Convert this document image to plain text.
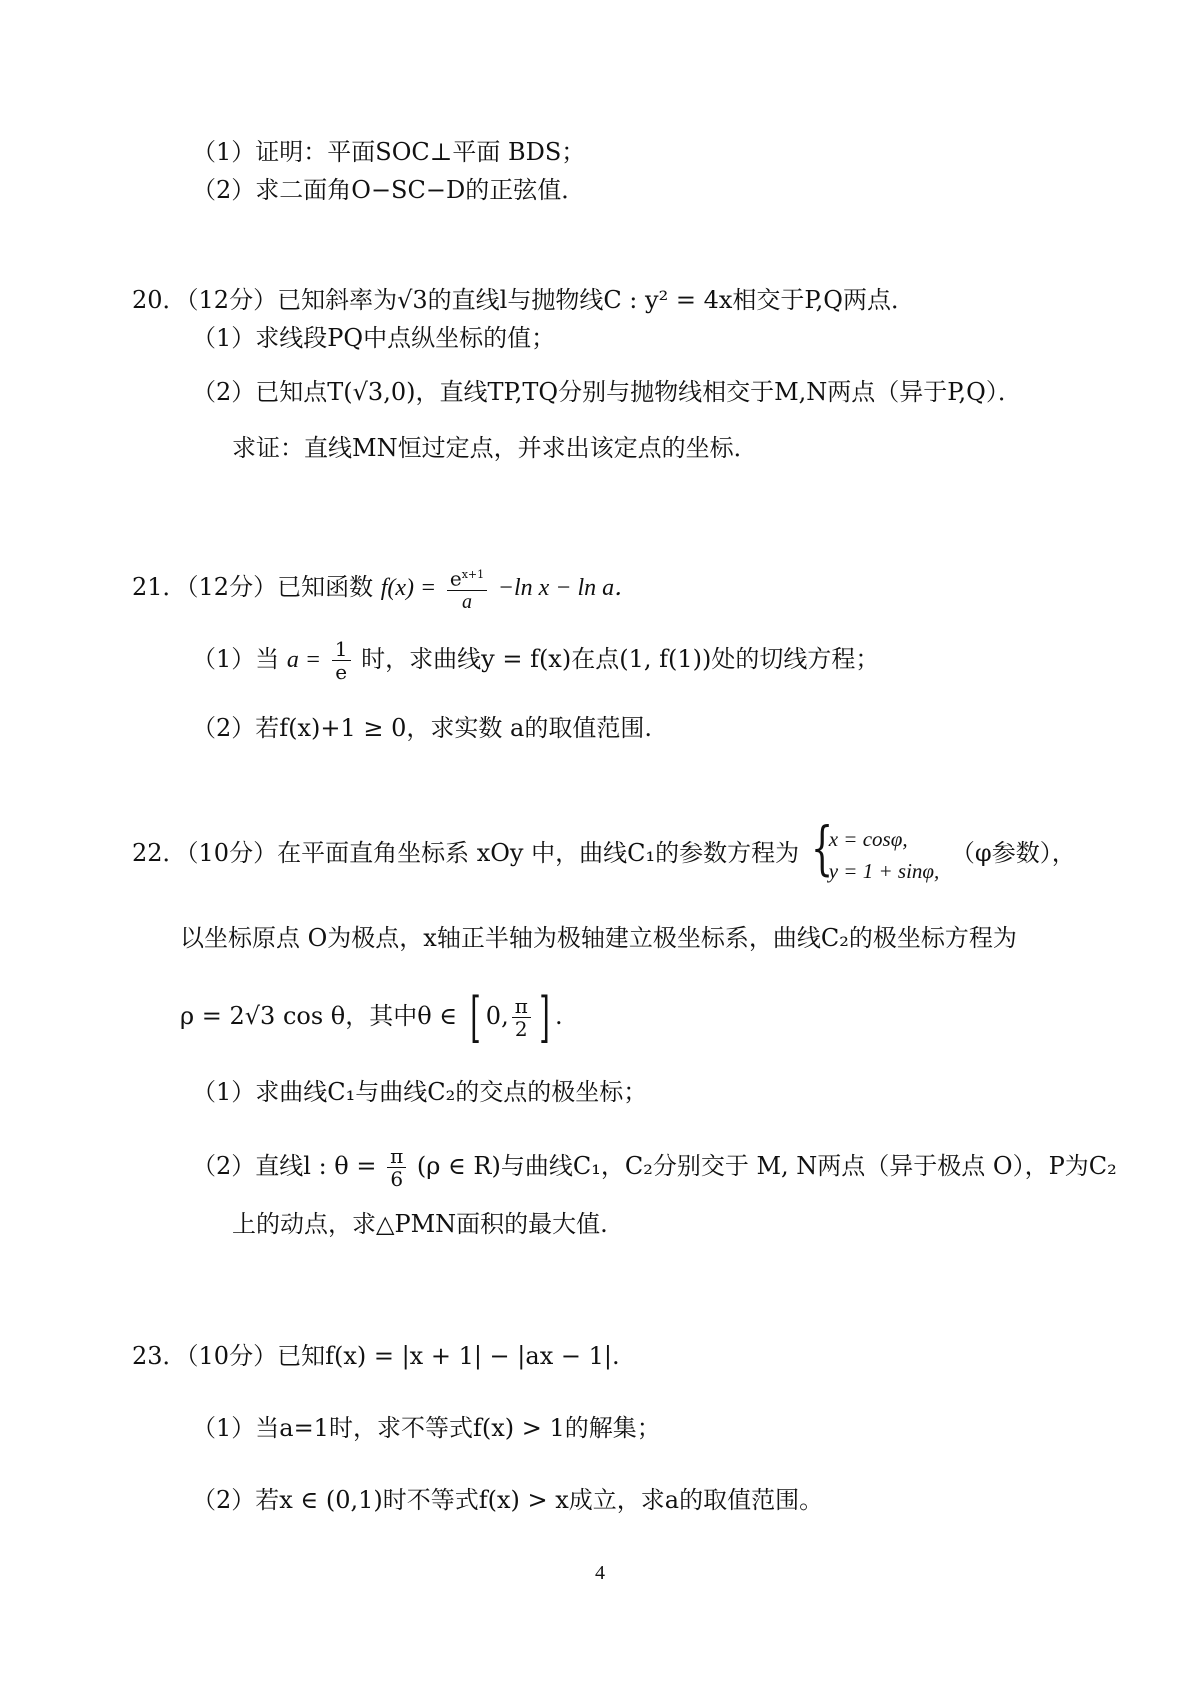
（1）证明：平面SOC⊥平面 BDS；
（2）求二面角O−SC−D的正弦值．
20．（12分）已知斜率为√3的直线l与抛物线C : y² = 4x相交于P,Q两点．
（1）求线段PQ中点纵坐标的值；
（2）已知点T(√3,0)，直线TP,TQ分别与抛物线相交于M,N两点（异于P,Q）．
求证：直线MN恒过定点，并求出该定点的坐标．
21．（12分）已知函数 $f(x) = \frac{e^{x+1}}{a} -\ln$ x − ln a．
（1）当 $a = \frac{1}{e}$ 时，求曲线y = f(x)在点(1, f(1))处的切线方程；
（2）若f(x)+1 ≥ 0，求实数 a的取值范围.
22．（10分）在平面直角坐标系 xOy 中，曲线C₁的参数方程为 {
x = cosφ,
y = 1 + sinφ,
（φ参数），
以坐标原点 O为极点，x轴正半轴为极轴建立极坐标系，曲线C₂的极坐标方程为
ρ = 2√3 cos θ，其中θ ∈ [ 0, $\frac{\pi}{2}$ ] .
（1）求曲线C₁与曲线C₂的交点的极坐标；
（2）直线l : $\theta = \frac{\pi}{6} (\rho$ ∈ R)与曲线C₁，C₂分别交于 M, N两点（异于极点 O），P为C₂
上的动点，求△PMN面积的最大值.
23．（10分）已知f(x) = |x + 1| − |ax − 1|.
（1）当a=1时，求不等式f(x) > 1的解集；
（2）若x ∈ (0,1)时不等式f(x) > x成立，求a的取值范围。
4
